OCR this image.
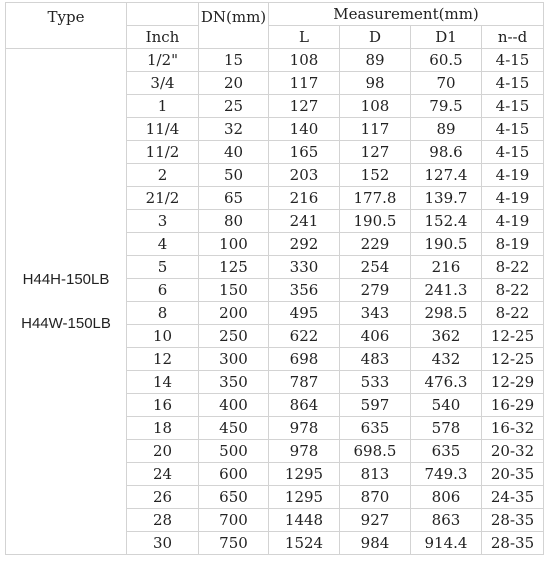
Type		DN(mm)	Measurement(mm)			
	Inch		L	D	D1	n--d

H44H-150LB
H44W-150LB	1/2"	15	108	89	60.5	4-15
	3/4	20	117	98	70	4-15
	1	25	127	108	79.5	4-15
	11/4	32	140	117	89	4-15
	11/2	40	165	127	98.6	4-15
	2	50	203	152	127.4	4-19
	21/2	65	216	177.8	139.7	4-19
	3	80	241	190.5	152.4	4-19
	4	100	292	229	190.5	8-19
	5	125	330	254	216	8-22
	6	150	356	279	241.3	8-22
	8	200	495	343	298.5	8-22
	10	250	622	406	362	12-25
	12	300	698	483	432	12-25
	14	350	787	533	476.3	12-29
	16	400	864	597	540	16-29
	18	450	978	635	578	16-32
	20	500	978	698.5	635	20-32
	24	600	1295	813	749.3	20-35
	26	650	1295	870	806	24-35
	28	700	1448	927	863	28-35
	30	750	1524	984	914.4	28-35
